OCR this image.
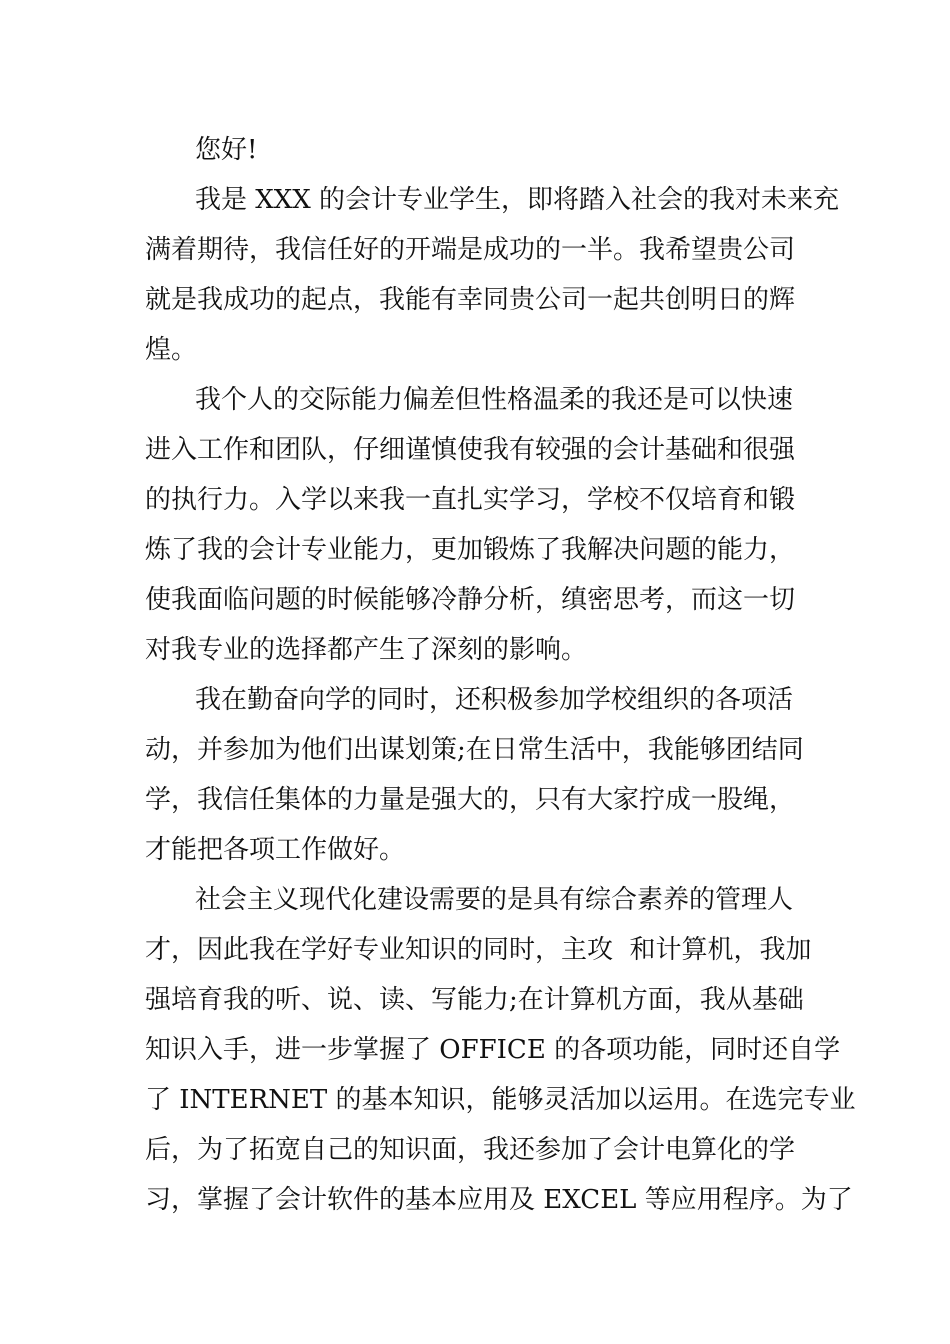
您好!
我是 XXX 的会计专业学生，即将踏入社会的我对未来充
满着期待，我信任好的开端是成功的一半。我希望贵公司
就是我成功的起点，我能有幸同贵公司一起共创明日的辉
煌。
我个人的交际能力偏差但性格温柔的我还是可以快速
进入工作和团队，仔细谨慎使我有较强的会计基础和很强
的执行力。入学以来我一直扎实学习，学校不仅培育和锻
炼了我的会计专业能力，更加锻炼了我解决问题的能力，
使我面临问题的时候能够冷静分析，缜密思考，而这一切
对我专业的选择都产生了深刻的影响。
我在勤奋向学的同时，还积极参加学校组织的各项活
动，并参加为他们出谋划策;在日常生活中，我能够团结同
学，我信任集体的力量是强大的，只有大家拧成一股绳，
才能把各项工作做好。
社会主义现代化建设需要的是具有综合素养的管理人
才，因此我在学好专业知识的同时，主攻  和计算机，我加
强培育我的听、说、读、写能力;在计算机方面，我从基础
知识入手，进一步掌握了 OFFICE 的各项功能，同时还自学
了 INTERNET 的基本知识，能够灵活加以运用。在选完专业
后，为了拓宽自己的知识面，我还参加了会计电算化的学
习，掌握了会计软件的基本应用及 EXCEL 等应用程序。为了
